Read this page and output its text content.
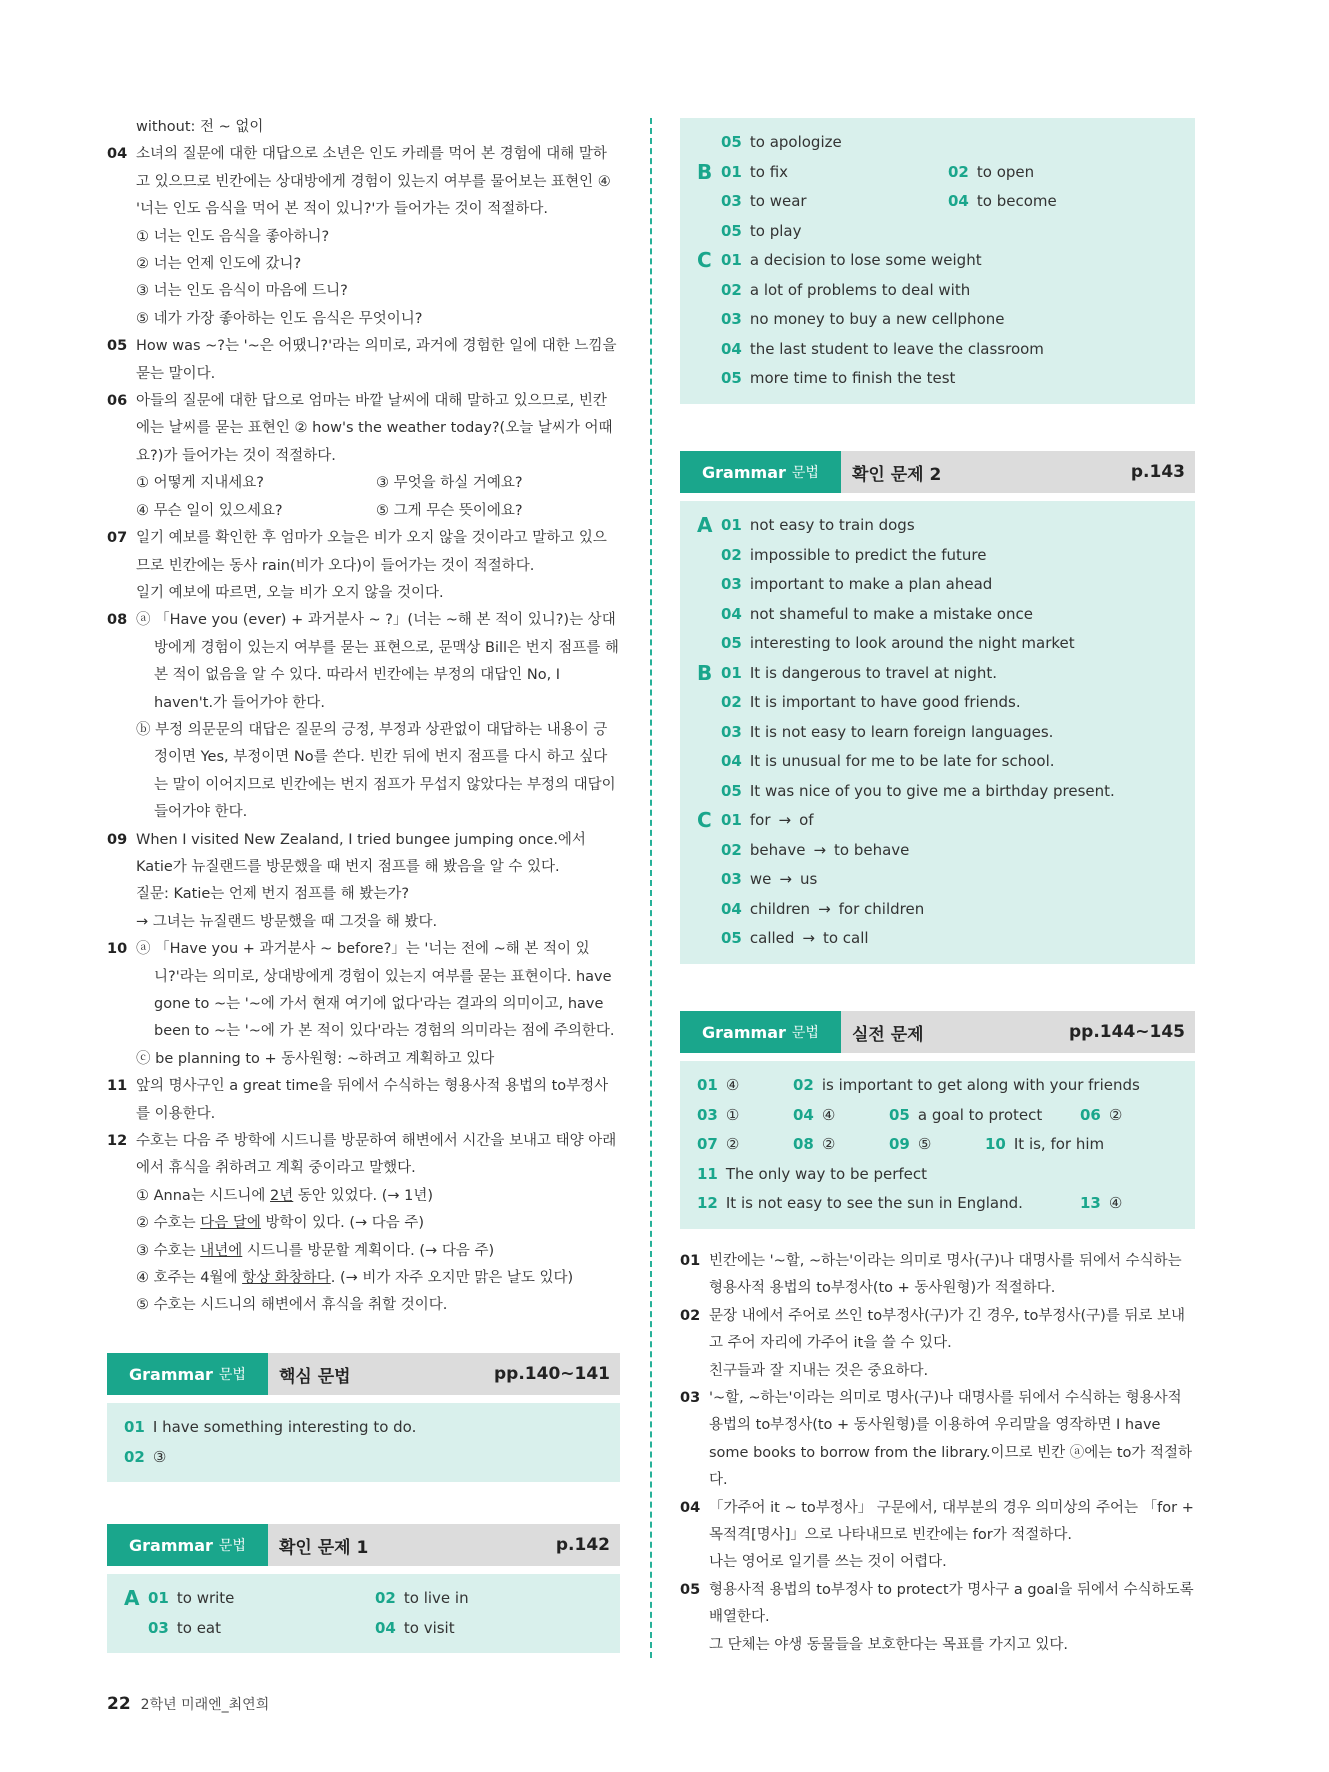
without: 전 ~ 없이
04 소녀의 질문에 대한 대답으로 소년은 인도 카레를 먹어 본 경험에 대해 말하고 있으므로 빈칸에는 상대방에게 경험이 있는지 여부를 물어보는 표현인 ④ '너는 인도 음식을 먹어 본 적이 있니?'가 들어가는 것이 적절하다.
① 너는 인도 음식을 좋아하니?
② 너는 언제 인도에 갔니?
③ 너는 인도 음식이 마음에 드니?
⑤ 네가 가장 좋아하는 인도 음식은 무엇이니?
05 How was ~?는 '~은 어땠니?'라는 의미로, 과거에 경험한 일에 대한 느낌을 묻는 말이다.
06 아들의 질문에 대한 답으로 엄마는 바깥 날씨에 대해 말하고 있으므로, 빈칸에는 날씨를 묻는 표현인 ② how's the weather today?(오늘 날씨가 어때요?)가 들어가는 것이 적절하다.
① 어떻게 지내세요?	③ 무엇을 하실 거예요?
④ 무슨 일이 있으세요?	⑤ 그게 무슨 뜻이에요?
07 일기 예보를 확인한 후 엄마가 오늘은 비가 오지 않을 것이라고 말하고 있으므로 빈칸에는 동사 rain(비가 오다)이 들어가는 것이 적절하다.
일기 예보에 따르면, 오늘 비가 오지 않을 것이다.
08 ⓐ 「Have you (ever) + 과거분사 ~ ?」(너는 ~해 본 적이 있니?)는 상대방에게 경험이 있는지 여부를 묻는 표현으로, 문맥상 Bill은 번지 점프를 해 본 적이 없음을 알 수 있다. 따라서 빈칸에는 부정의 대답인 No, I haven't.가 들어가야 한다.
ⓑ 부정 의문문의 대답은 질문의 긍정, 부정과 상관없이 대답하는 내용이 긍정이면 Yes, 부정이면 No를 쓴다. 빈칸 뒤에 번지 점프를 다시 하고 싶다는 말이 이어지므로 빈칸에는 번지 점프가 무섭지 않았다는 부정의 대답이 들어가야 한다.
09 When I visited New Zealand, I tried bungee jumping once.에서 Katie가 뉴질랜드를 방문했을 때 번지 점프를 해 봤음을 알 수 있다.
질문: Katie는 언제 번지 점프를 해 봤는가?
→ 그녀는 뉴질랜드 방문했을 때 그것을 해 봤다.
10 ⓐ 「Have you + 과거분사 ~ before?」는 '너는 전에 ~해 본 적이 있니?'라는 의미로, 상대방에게 경험이 있는지 여부를 묻는 표현이다. have gone to ~는 '~에 가서 현재 여기에 없다'라는 결과의 의미이고, have been to ~는 '~에 가 본 적이 있다'라는 경험의 의미라는 점에 주의한다.
ⓒ be planning to + 동사원형: ~하려고 계획하고 있다
11 앞의 명사구인 a great time을 뒤에서 수식하는 형용사적 용법의 to부정사를 이용한다.
12 수호는 다음 주 방학에 시드니를 방문하여 해변에서 시간을 보내고 태양 아래에서 휴식을 취하려고 계획 중이라고 말했다.
① Anna는 시드니에 2년 동안 있었다. (→ 1년)
② 수호는 다음 달에 방학이 있다. (→ 다음 주)
③ 수호는 내년에 시드니를 방문할 계획이다. (→ 다음 주)
④ 호주는 4월에 항상 화창하다. (→ 비가 자주 오지만 맑은 날도 있다)
⑤ 수호는 시드니의 해변에서 휴식을 취할 것이다.
Grammar 문법	핵심 문법	pp.140~141
01 I have something interesting to do.
02 ③
Grammar 문법	확인 문제 1	p.142
A 01 to write	02 to live in
03 to eat	04 to visit
05 to apologize
B 01 to fix	02 to open
03 to wear	04 to become
05 to play
C 01 a decision to lose some weight
02 a lot of problems to deal with
03 no money to buy a new cellphone
04 the last student to leave the classroom
05 more time to finish the test
Grammar 문법	확인 문제 2	p.143
A 01 not easy to train dogs
02 impossible to predict the future
03 important to make a plan ahead
04 not shameful to make a mistake once
05 interesting to look around the night market
B 01 It is dangerous to travel at night.
02 It is important to have good friends.
03 It is not easy to learn foreign languages.
04 It is unusual for me to be late for school.
05 It was nice of you to give me a birthday present.
C 01 for → of
02 behave → to behave
03 we → us
04 children → for children
05 called → to call
Grammar 문법	실전 문제	pp.144~145
01 ④	02 is important to get along with your friends
03 ①	04 ④	05 a goal to protect	06 ②
07 ②	08 ②	09 ⑤	10 It is, for him
11 The only way to be perfect
12 It is not easy to see the sun in England.	13 ④
01 빈칸에는 '~할, ~하는'이라는 의미로 명사(구)나 대명사를 뒤에서 수식하는 형용사적 용법의 to부정사(to + 동사원형)가 적절하다.
02 문장 내에서 주어로 쓰인 to부정사(구)가 긴 경우, to부정사(구)를 뒤로 보내고 주어 자리에 가주어 it을 쓸 수 있다.
친구들과 잘 지내는 것은 중요하다.
03 '~할, ~하는'이라는 의미로 명사(구)나 대명사를 뒤에서 수식하는 형용사적 용법의 to부정사(to + 동사원형)를 이용하여 우리말을 영작하면 I have some books to borrow from the library.이므로 빈칸 ⓐ에는 to가 적절하다.
04 「가주어 it ~ to부정사」 구문에서, 대부분의 경우 의미상의 주어는 「for + 목적격[명사]」으로 나타내므로 빈칸에는 for가 적절하다.
나는 영어로 일기를 쓰는 것이 어렵다.
05 형용사적 용법의 to부정사 to protect가 명사구 a goal을 뒤에서 수식하도록 배열한다.
그 단체는 야생 동물들을 보호한다는 목표를 가지고 있다.
22 2학년 미래엔_최연희
